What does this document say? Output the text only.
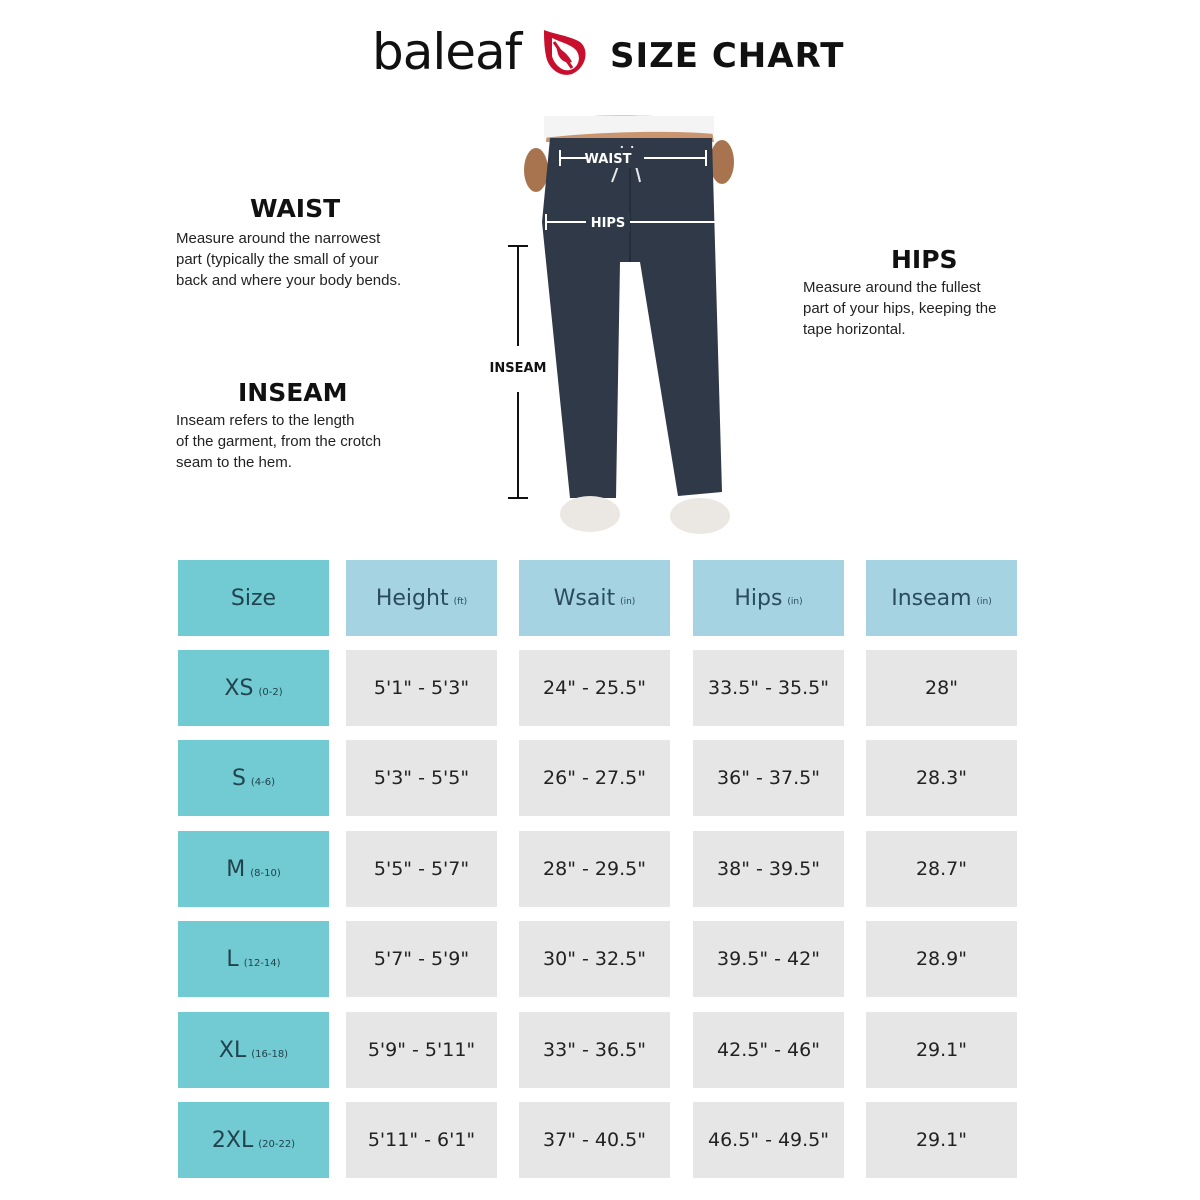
baleaf	SIZE CHART
WAIST

Measure around the narrowest

part (typically the small of your

back and where your body bends.

INSEAM

Inseam refers to the length

of the garment, from the crotch

seam to the hem.

HIPS

Measure around the fullest

part of your hips, keeping the

tape horizontal.

WAIST
HIPS
INSEAM
Size	Height (ft)	Wsait (in)	Hips (in)	Inseam (in)
XS (0-2)	5'1" - 5'3"	24" - 25.5"	33.5" - 35.5"	28"
S (4-6)	5'3" - 5'5"	26" - 27.5"	36" - 37.5"	28.3"
M (8-10)	5'5" - 5'7"	28" - 29.5"	38" - 39.5"	28.7"
L (12-14)	5'7" - 5'9"	30" - 32.5"	39.5" - 42"	28.9"
XL (16-18)	5'9" - 5'11"	33" - 36.5"	42.5" - 46"	29.1"
2XL (20-22)	5'11" - 6'1"	37" - 40.5"	46.5" - 49.5"	29.1"
